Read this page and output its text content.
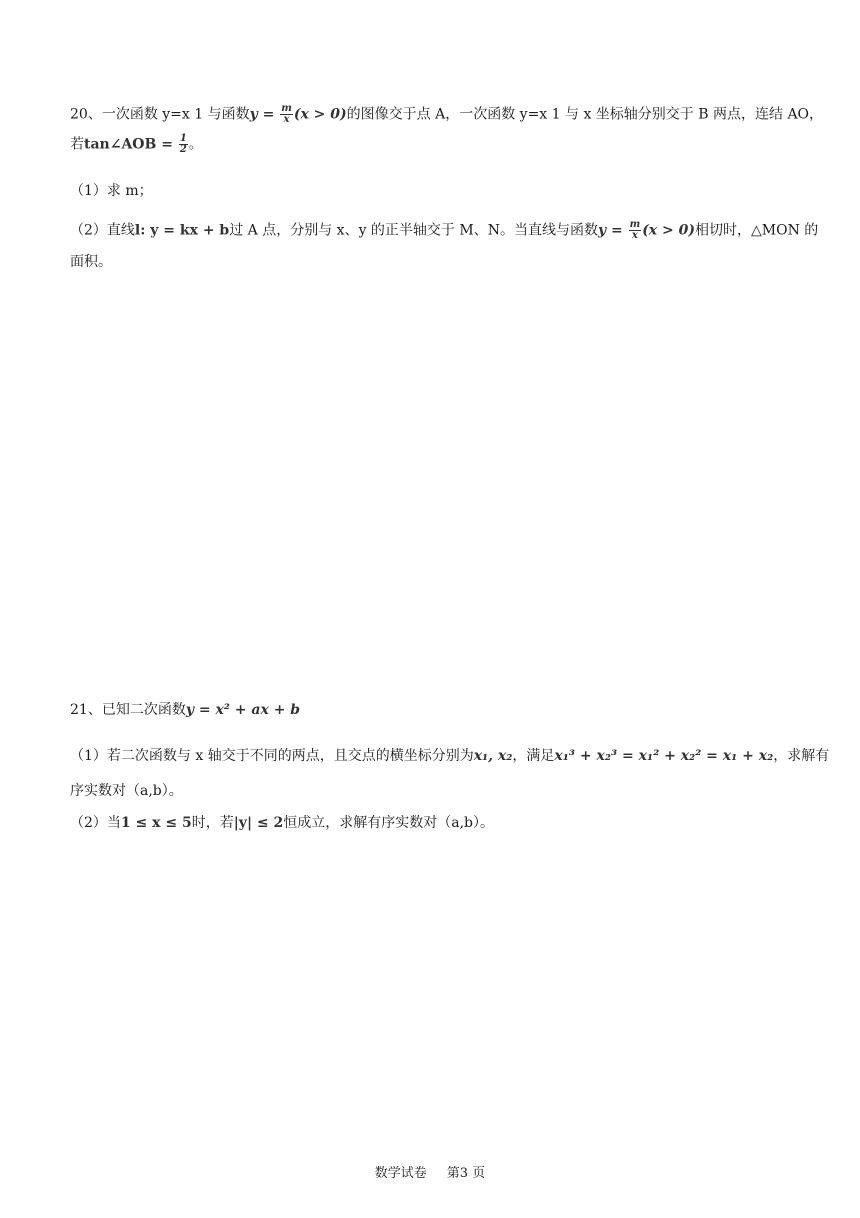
20、一次函数 y=x 1 与函数$y = \frac{m}{x} (x > 0)$的图像交于点 A，一次函数 y=x 1 与 x 坐标轴分别交于 B 两点，连结 AO，
若tan∠AOB = $\frac{1}{2}$ 。
（1）求 m；
（2）直线l: y = kx + b过 A 点，分别与 x、y 的正半轴交于 M、N。当直线与函数$y = \frac{m}{x} (x > 0)$相切时，△MON 的
面积。
21、已知二次函数y = x² + ax + b
（1）若二次函数与 x 轴交于不同的两点，且交点的横坐标分别为x₁, x₂，满足x₁³ + x₂³ = x₁² + x₂² = x₁ + x₂，求解有
序实数对（a,b）。
（2）当1 ≤ x ≤ 5时，若|y| ≤ 2恒成立，求解有序实数对（a,b）。
数学试卷 第3 页
